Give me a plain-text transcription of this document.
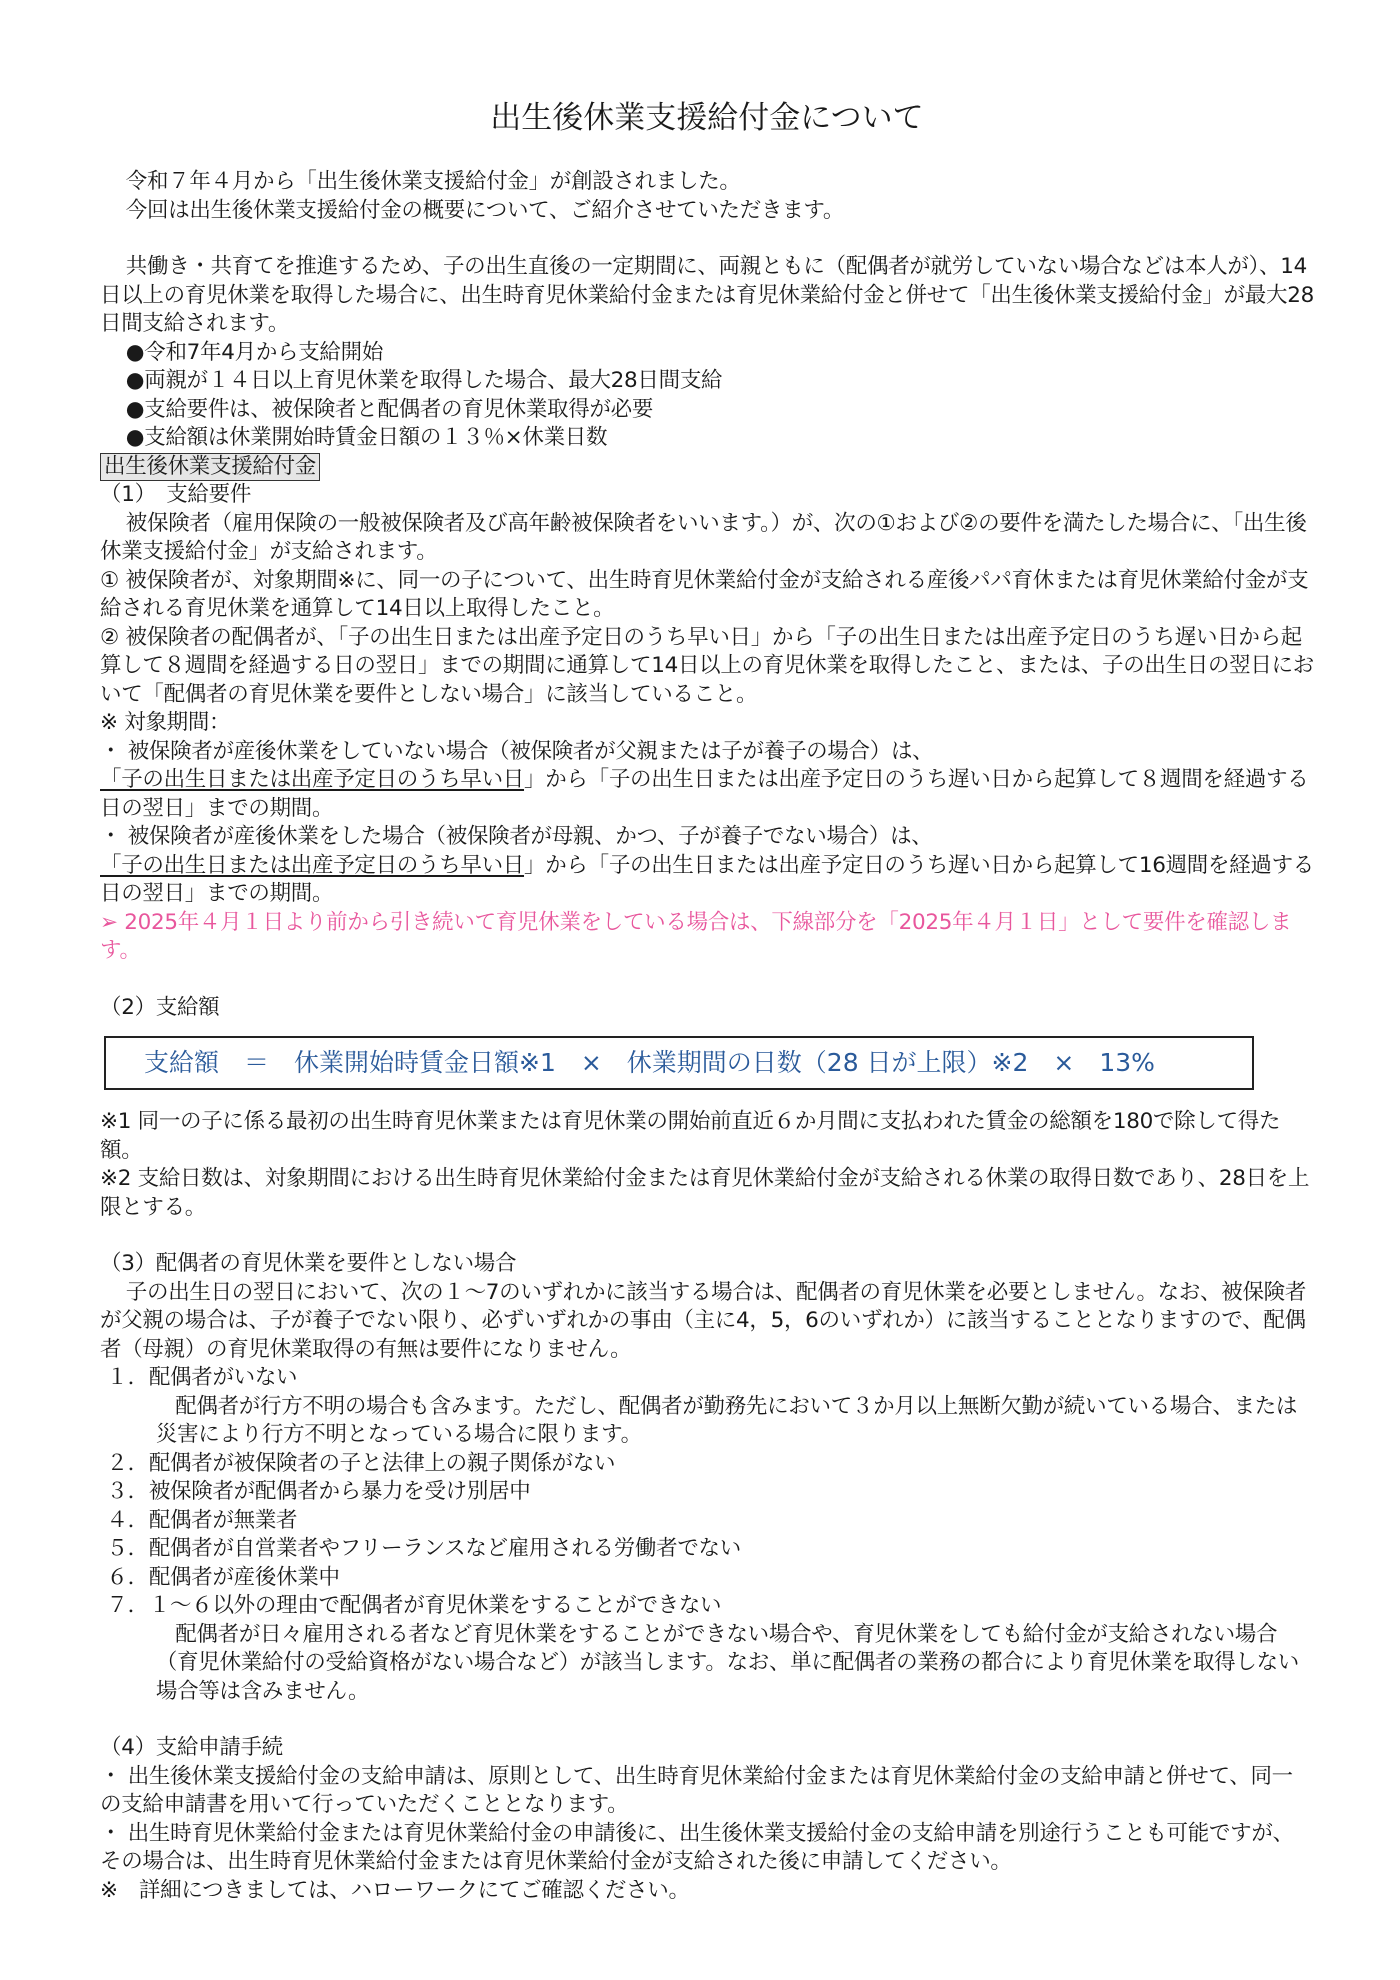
出生後休業支援給付金について

令和７年４月から「出生後休業支援給付金」が創設されました。

今回は出生後休業支援給付金の概要について、ご紹介させていただきます。

共働き・共育てを推進するため、子の出生直後の一定期間に、両親ともに（配偶者が就労していない場合などは本人が）、14日以上の育児休業を取得した場合に、出生時育児休業給付金または育児休業給付金と併せて「出生後休業支援給付金」が最大28日間支給されます。

●令和7年4月から支給開始

●両親が１４日以上育児休業を取得した場合、最大28日間支給

●支給要件は、被保険者と配偶者の育児休業取得が必要

●支給額は休業開始時賃金日額の１３％×休業日数

出生後休業支援給付金

（1）　支給要件

被保険者（雇用保険の一般被保険者及び高年齢被保険者をいいます。）が、次の①および②の要件を満たした場合に、「出生後休業支援給付金」が支給されます。

① 被保険者が、対象期間※に、同一の子について、出生時育児休業給付金が支給される産後パパ育休または育児休業給付金が支給される育児休業を通算して14日以上取得したこと。

② 被保険者の配偶者が、「子の出生日または出産予定日のうち早い日」から「子の出生日または出産予定日のうち遅い日から起算して８週間を経過する日の翌日」までの期間に通算して14日以上の育児休業を取得したこと、または、子の出生日の翌日において「配偶者の育児休業を要件としない場合」に該当していること。

※ 対象期間：

・ 被保険者が産後休業をしていない場合（被保険者が父親または子が養子の場合）は、

「子の出生日または出産予定日のうち早い日」から「子の出生日または出産予定日のうち遅い日から起算して８週間を経過する日の翌日」までの期間。

・ 被保険者が産後休業をした場合（被保険者が母親、かつ、子が養子でない場合）は、

「子の出生日または出産予定日のうち早い日」から「子の出生日または出産予定日のうち遅い日から起算して16週間を経過する日の翌日」までの期間。

➢ 2025年４月１日より前から引き続いて育児休業をしている場合は、下線部分を「2025年４月１日」として要件を確認します。

（2）支給額

支給額　＝　休業開始時賃金日額※1　×　休業期間の日数（28 日が上限）※2　×　13%

※1 同一の子に係る最初の出生時育児休業または育児休業の開始前直近６か月間に支払われた賃金の総額を180で除して得た額。

※2 支給日数は、対象期間における出生時育児休業給付金または育児休業給付金が支給される休業の取得日数であり、28日を上限とする。

（3）配偶者の育児休業を要件としない場合

子の出生日の翌日において、次の１～7のいずれかに該当する場合は、配偶者の育児休業を必要としません。なお、被保険者が父親の場合は、子が養子でない限り、必ずいずれかの事由（主に4，5，6のいずれか）に該当することとなりますので、配偶者（母親）の育児休業取得の有無は要件になりません。

１．配偶者がいない

配偶者が行方不明の場合も含みます。ただし、配偶者が勤務先において３か月以上無断欠勤が続いている場合、または災害により行方不明となっている場合に限ります。

２．配偶者が被保険者の子と法律上の親子関係がない

３．被保険者が配偶者から暴力を受け別居中

４．配偶者が無業者

５．配偶者が自営業者やフリーランスなど雇用される労働者でない

６．配偶者が産後休業中

７．１～６以外の理由で配偶者が育児休業をすることができない

配偶者が日々雇用される者など育児休業をすることができない場合や、育児休業をしても給付金が支給されない場合（育児休業給付の受給資格がない場合など）が該当します。なお、単に配偶者の業務の都合により育児休業を取得しない場合等は含みません。

（4）支給申請手続

・ 出生後休業支援給付金の支給申請は、原則として、出生時育児休業給付金または育児休業給付金の支給申請と併せて、同一の支給申請書を用いて行っていただくこととなります。

・ 出生時育児休業給付金または育児休業給付金の申請後に、出生後休業支援給付金の支給申請を別途行うことも可能ですが、その場合は、出生時育児休業給付金または育児休業給付金が支給された後に申請してください。

※　詳細につきましては、ハローワークにてご確認ください。
